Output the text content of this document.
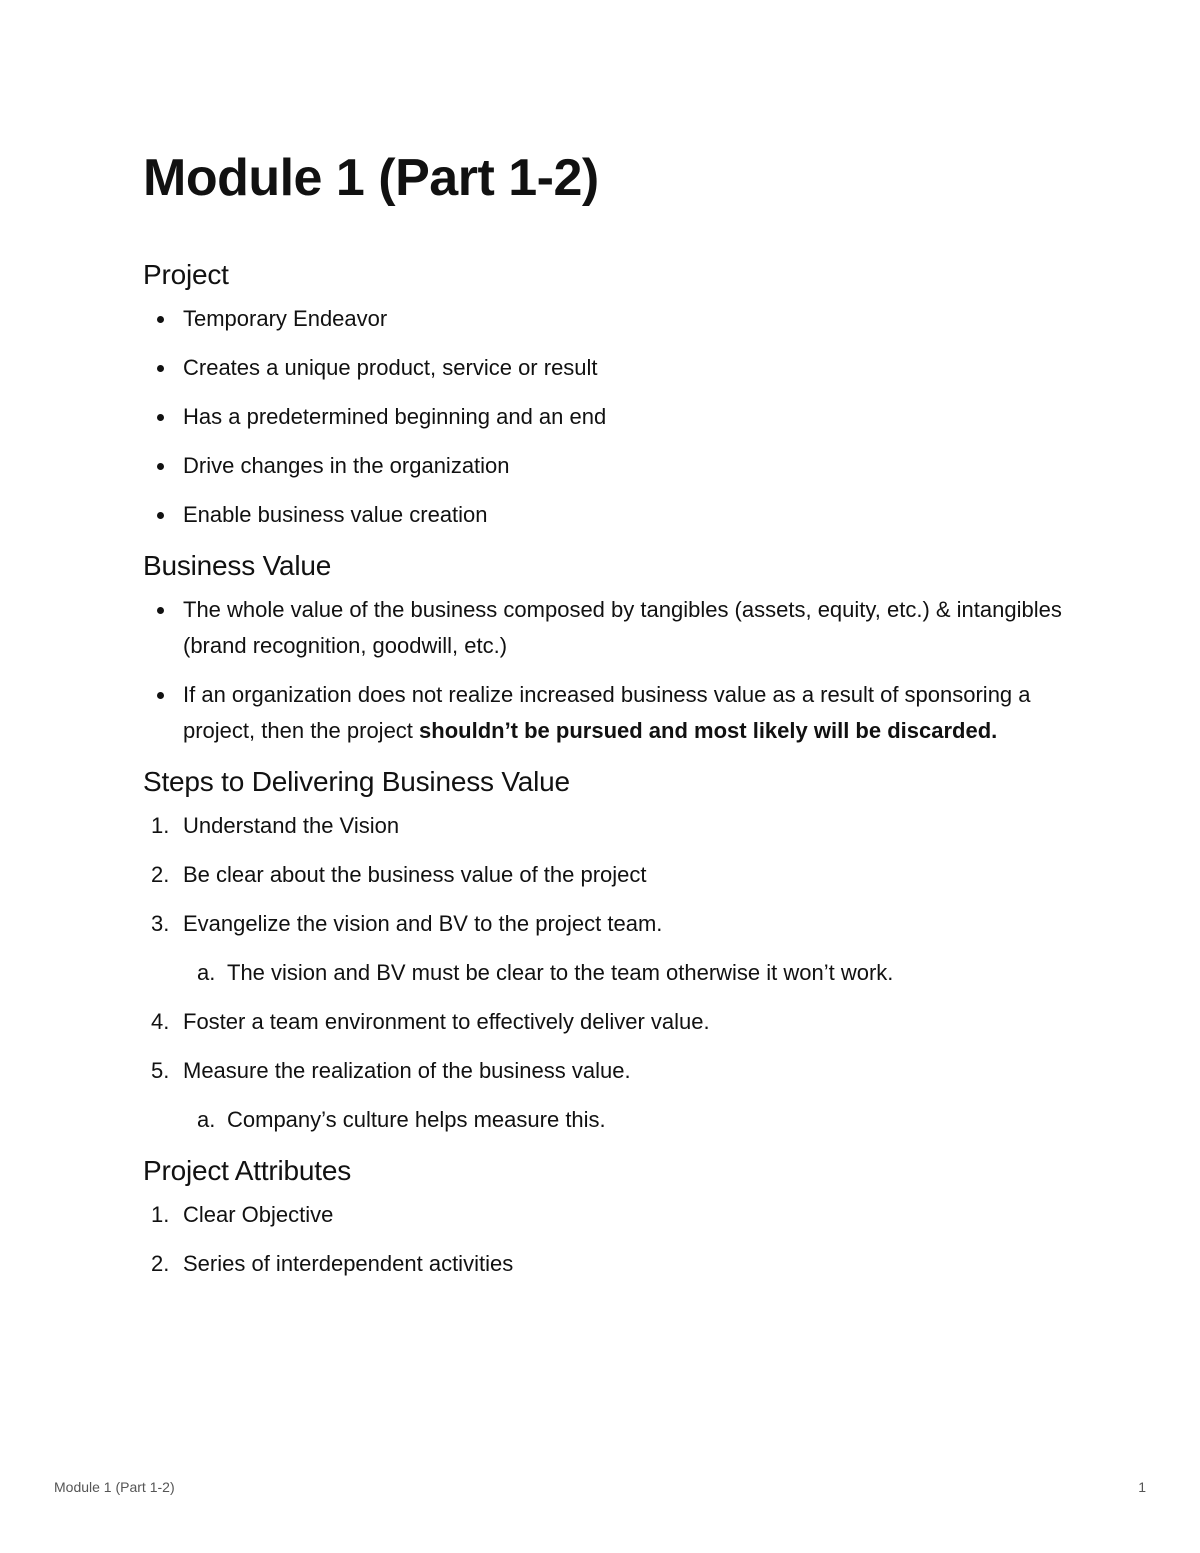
Module 1 (Part 1-2)
Project
Temporary Endeavor
Creates a unique product, service or result
Has a predetermined beginning and an end
Drive changes in the organization
Enable business value creation
Business Value
The whole value of the business composed by tangibles (assets, equity, etc.) & intangibles (brand recognition, goodwill, etc.)
If an organization does not realize increased business value as a result of sponsoring a project, then the project shouldn’t be pursued and most likely will be discarded.
Steps to Delivering Business Value
1. Understand the Vision
2. Be clear about the business value of the project
3. Evangelize the vision and BV to the project team.
a. The vision and BV must be clear to the team otherwise it won’t work.
4. Foster a team environment to effectively deliver value.
5. Measure the realization of the business value.
a. Company’s culture helps measure this.
Project Attributes
1. Clear Objective
2. Series of interdependent activities
Module 1 (Part 1-2)	1
